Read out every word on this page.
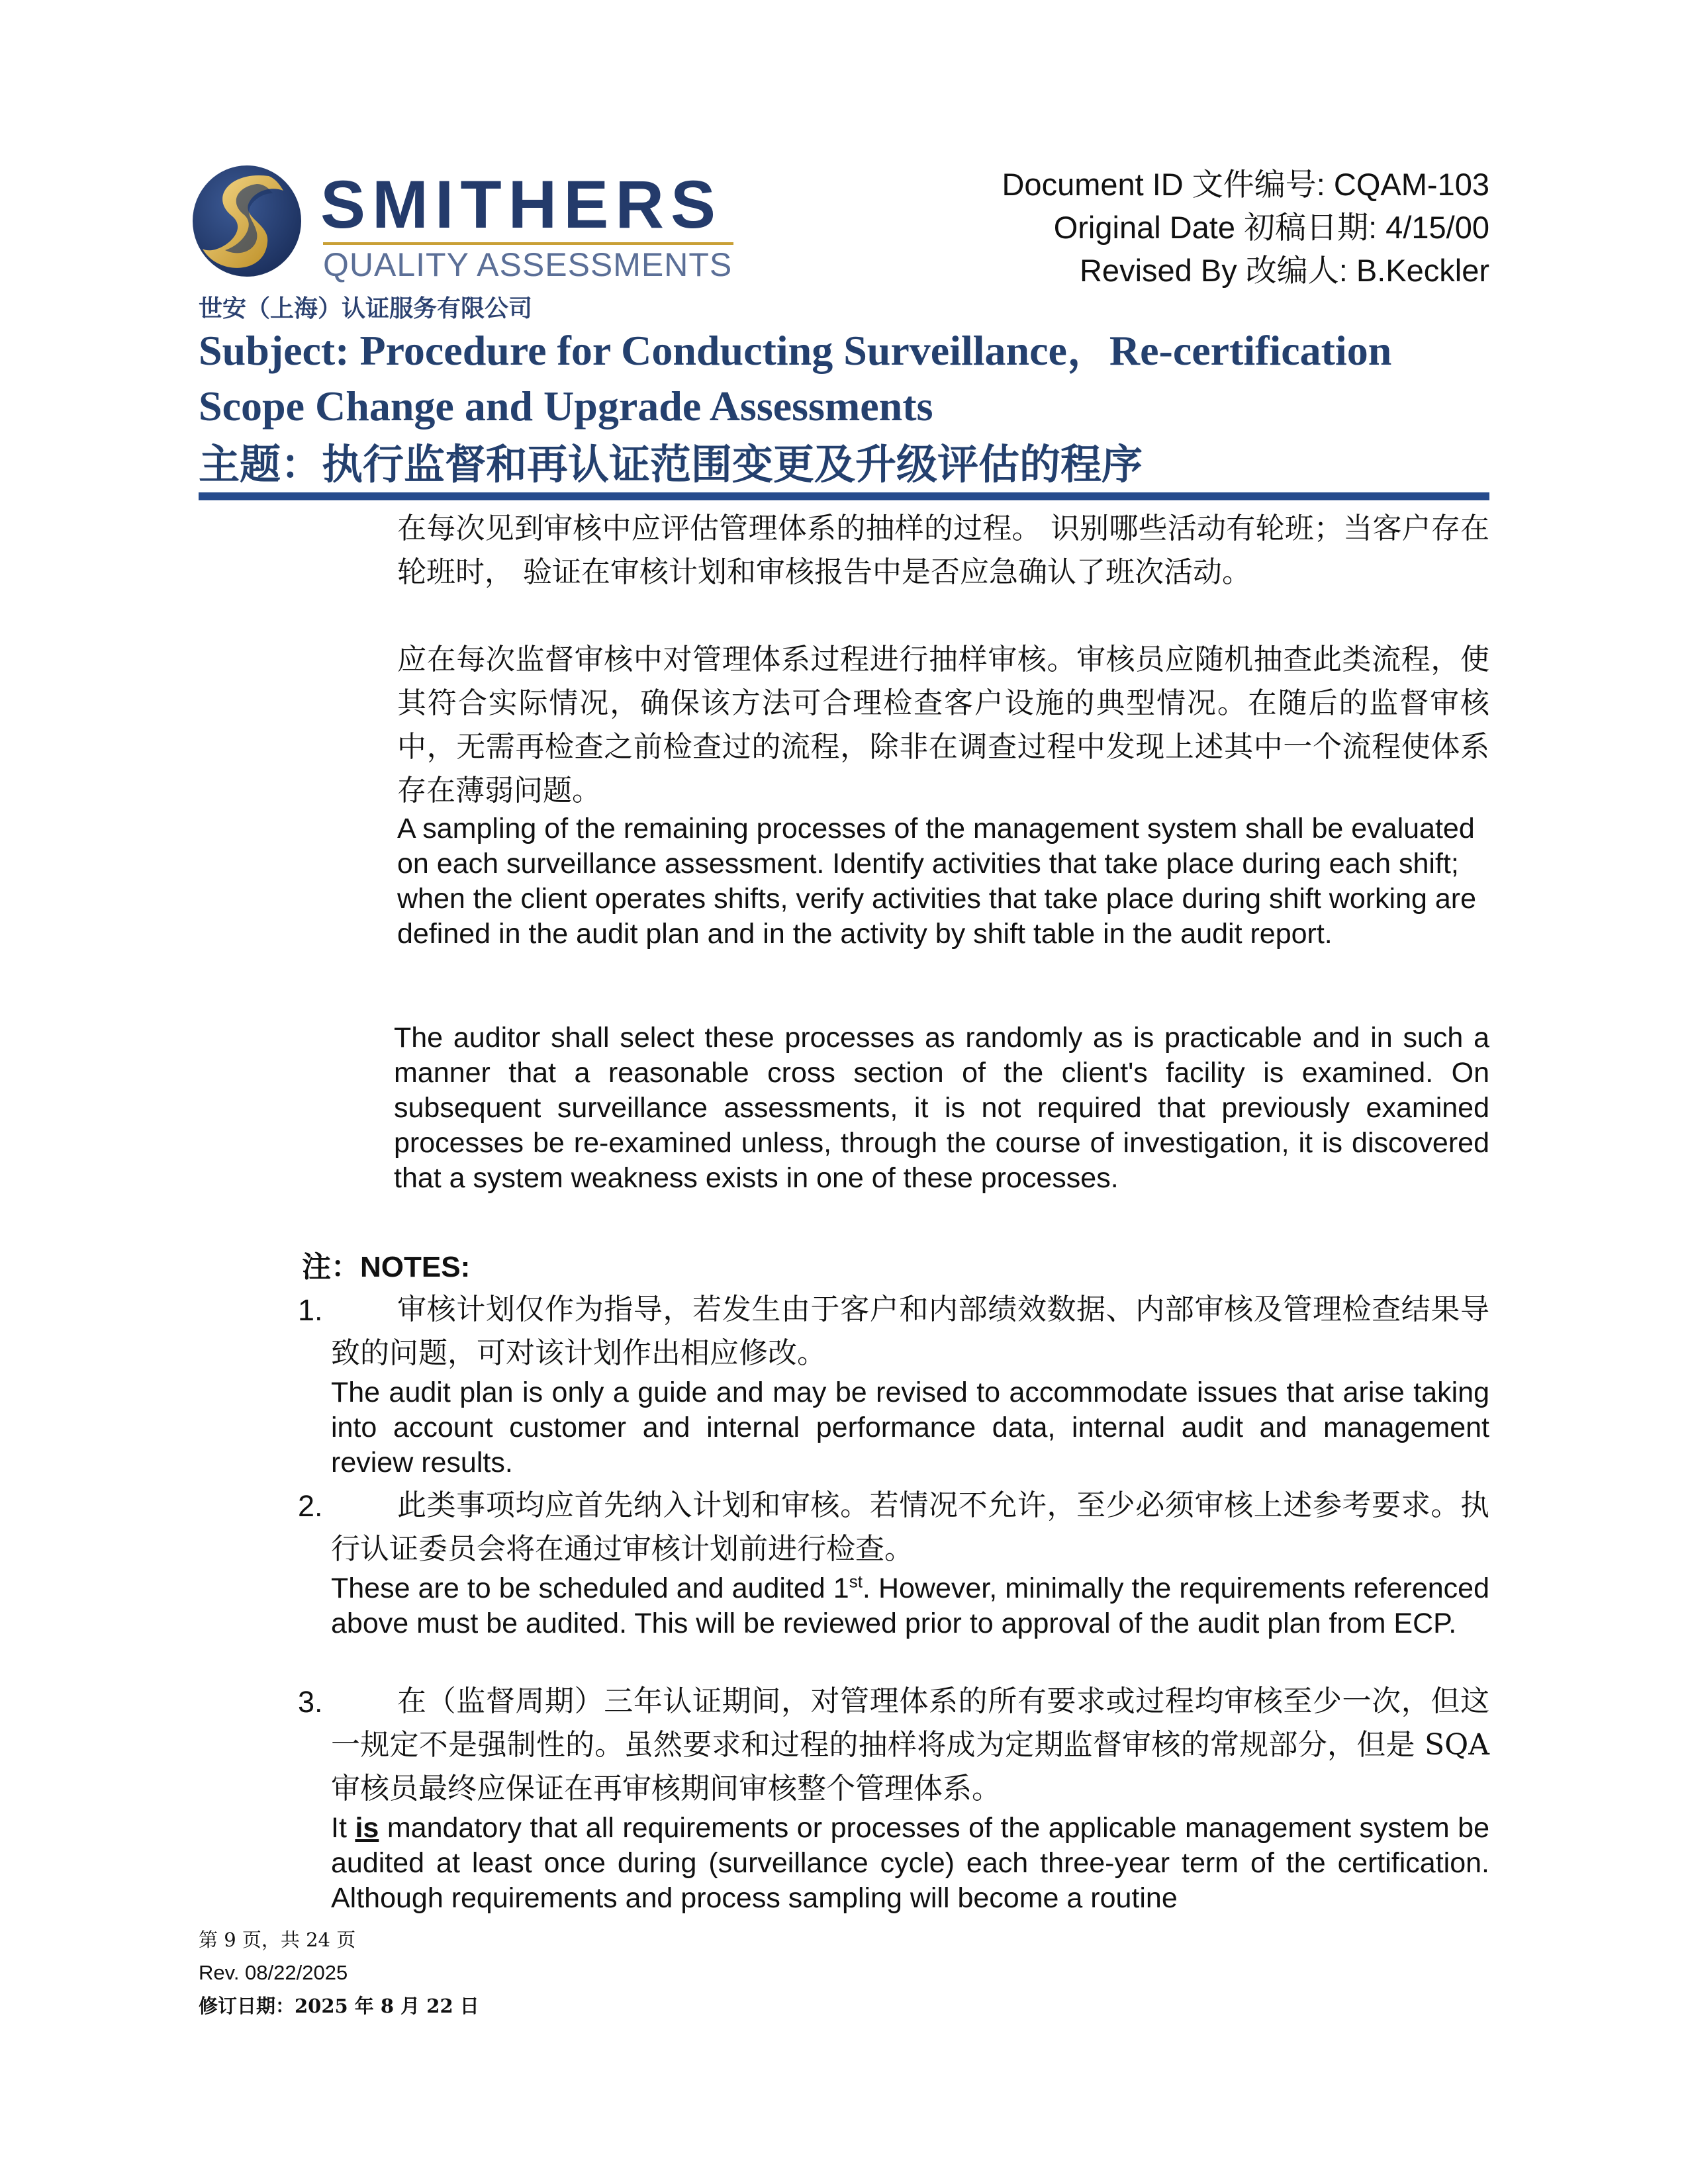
SMITHERS
QUALITY ASSESSMENTS
世安（上海）认证服务有限公司
Document ID 文件编号: CQAM-103
Original Date 初稿日期: 4/15/00
Revised By 改编人: B.Keckler
Subject: Procedure for Conducting Surveillance，Re-certification Scope Change and Upgrade Assessments
主题：执行监督和再认证范围变更及升级评估的程序
在每次见到审核中应评估管理体系的抽样的过程。 识别哪些活动有轮班；当客户存在轮班时， 验证在审核计划和审核报告中是否应急确认了班次活动。
应在每次监督审核中对管理体系过程进行抽样审核。审核员应随机抽查此类流程，使其符合实际情况，确保该方法可合理检查客户设施的典型情况。在随后的监督审核中，无需再检查之前检查过的流程，除非在调查过程中发现上述其中一个流程使体系存在薄弱问题。
A sampling of the remaining processes of the management system shall be evaluated on each surveillance assessment. Identify activities that take place during each shift; when the client operates shifts, verify activities that take place during shift working are defined in the audit plan and in the activity by shift table in the audit report.
The auditor shall select these processes as randomly as is practicable and in such a manner that a reasonable cross section of the client's facility is examined. On subsequent surveillance assessments, it is not required that previously examined processes be re-examined unless, through the course of investigation, it is discovered that a system weakness exists in one of these processes.
注：NOTES:
1.	审核计划仅作为指导，若发生由于客户和内部绩效数据、内部审核及管理检查结果导致的问题，可对该计划作出相应修改。
The audit plan is only a guide and may be revised to accommodate issues that arise taking into account customer and internal performance data, internal audit and management review results.
2.	此类事项均应首先纳入计划和审核。若情况不允许，至少必须审核上述参考要求。执行认证委员会将在通过审核计划前进行检查。
These are to be scheduled and audited 1st. However, minimally the requirements referenced above must be audited. This will be reviewed prior to approval of the audit plan from ECP.
3.	在（监督周期）三年认证期间，对管理体系的所有要求或过程均审核至少一次，但这一规定不是强制性的。虽然要求和过程的抽样将成为定期监督审核的常规部分，但是 SQA 审核员最终应保证在再审核期间审核整个管理体系。
It is mandatory that all requirements or processes of the applicable management system be audited at least once during (surveillance cycle) each three-year term of the certification. Although requirements and process sampling will become a routine
第 9 页，共 24 页
Rev. 08/22/2025
修订日期：2025 年 8 月 22 日
